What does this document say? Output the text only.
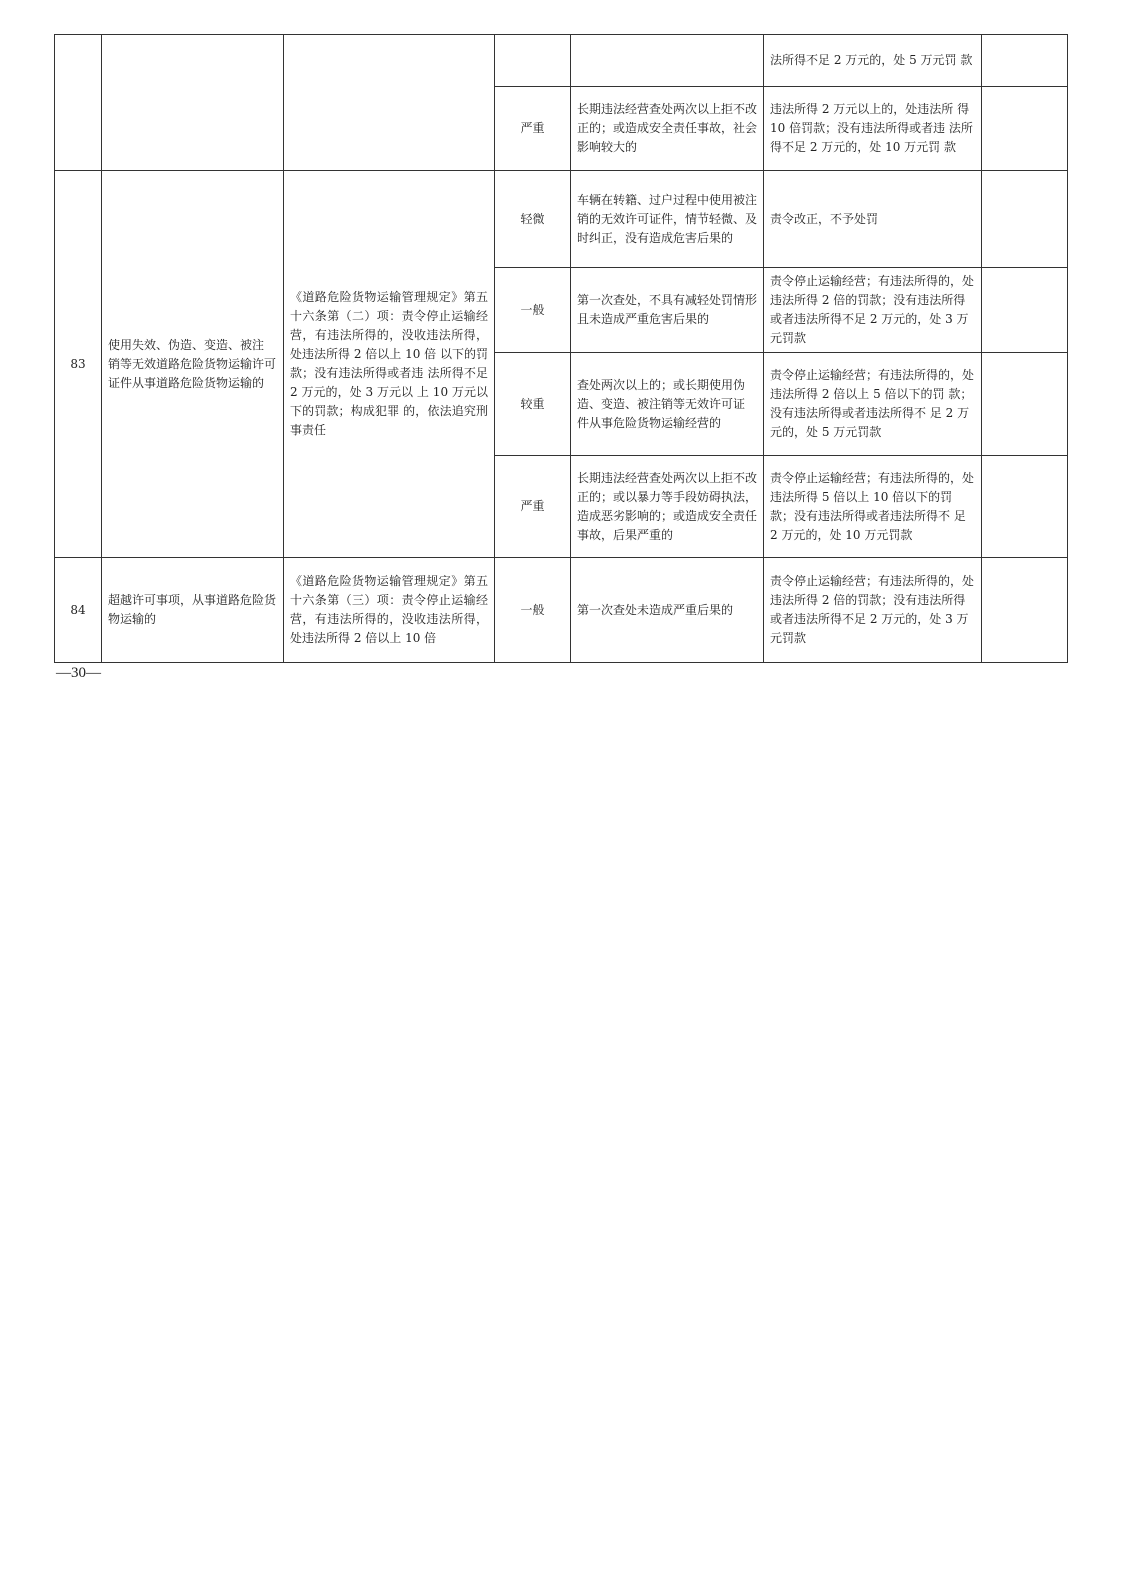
					法所得不足 2 万元的，处 5 万元罚 款	
			严重	长期违法经营查处两次以上拒不改正的；或造成安全责任事故，社会影响较大的	违法所得 2 万元以上的，处违法所 得 10 倍罚款；没有违法所得或者违 法所得不足 2 万元的，处 10 万元罚 款	
83	使用失效、伪造、变造、被注 销等无效道路危险货物运输许可证件从事道路危险货物运输的	《道路危险货物运输管理规定》第五十六条第（二）项：责令停止运输经营，有违法所得的，没收违法所得，处违法所得 2 倍以上 10 倍 以下的罚款；没有违法所得或者违 法所得不足 2 万元的，处 3 万元以 上 10 万元以下的罚款；构成犯罪 的，依法追究刑事责任	轻微	车辆在转籍、过户过程中使用被注销的无效许可证件，情节轻微、及时纠正，没有造成危害后果的	责令改正，不予处罚	
			一般	第一次查处，不具有减轻处罚情形且未造成严重危害后果的	责令停止运输经营；有违法所得的，处违法所得 2 倍的罚款；没有违法所得或者违法所得不足 2 万元的，处 3 万元罚款	
			较重	查处两次以上的；或长期使用伪 造、变造、被注销等无效许可证 件从事危险货物运输经营的	责令停止运输经营；有违法所得的，处违法所得 2 倍以上 5 倍以下的罚 款；没有违法所得或者违法所得不 足 2 万元的，处 5 万元罚款	
			严重	长期违法经营查处两次以上拒不改正的；或以暴力等手段妨碍执法，造成恶劣影响的；或造成安全责任事故，后果严重的	责令停止运输经营；有违法所得的，处违法所得 5 倍以上 10 倍以下的罚 款；没有违法所得或者违法所得不 足 2 万元的，处 10 万元罚款	
84	超越许可事项，从事道路危险货物运输的	《道路危险货物运输管理规定》第五十六条第（三）项：责令停止运输经营，有违法所得的，没收违法所得，处违法所得 2 倍以上 10 倍	一般	第一次查处未造成严重后果的	责令停止运输经营；有违法所得的，处违法所得 2 倍的罚款；没有违法所得或者违法所得不足 2 万元的，处 3 万元罚款	
—30—
